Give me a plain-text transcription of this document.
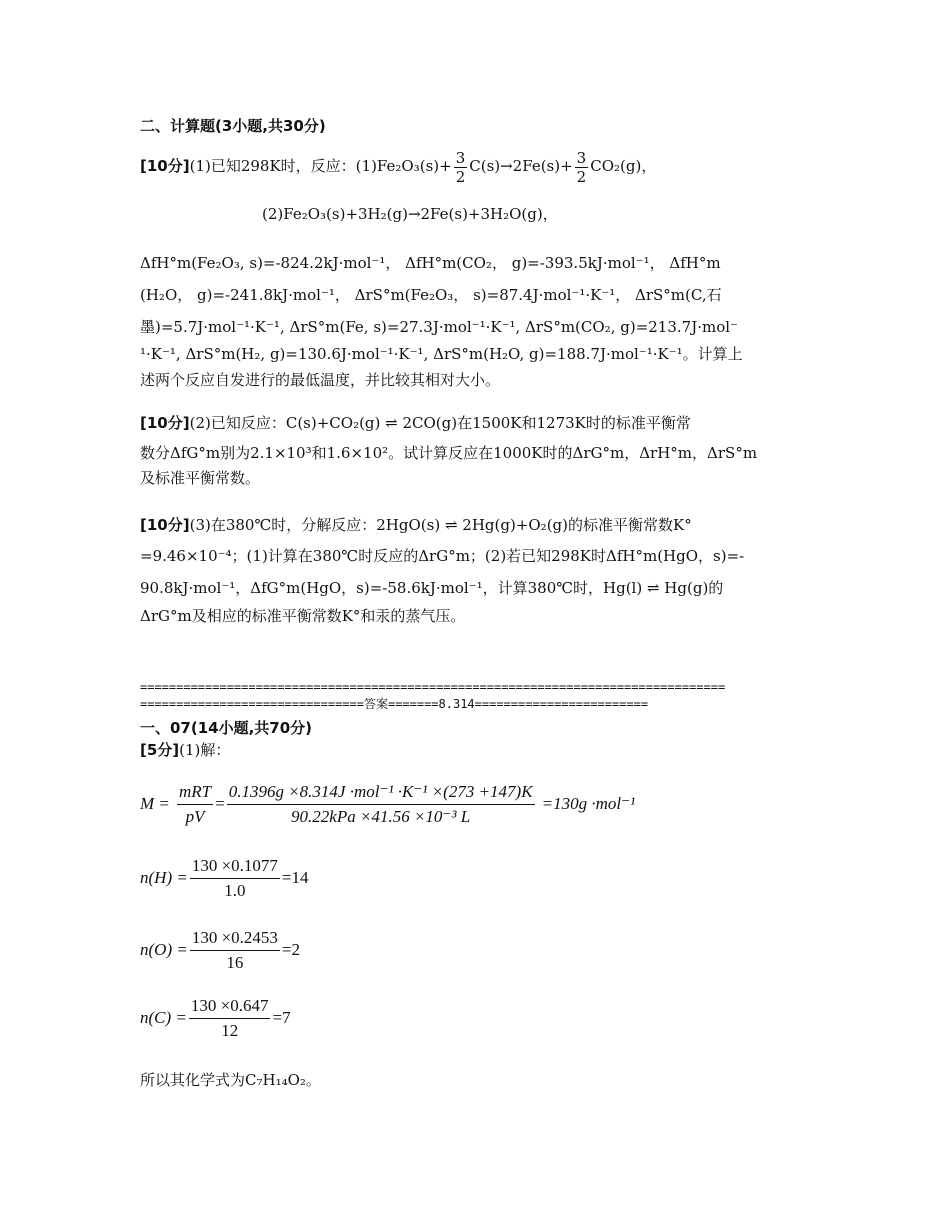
二、计算题(3小题,共30分)
[10分](1)已知298K时，反应：$(1)Fe_2O_3(s)+ \frac{3}{2} C(s)\to 2Fe(s)+ \frac{3}{2} CO_2(g)$，
(2)Fe₂O₃(s)+3H₂(g)→2Fe(s)+3H₂O(g)，
ΔfH°m(Fe₂O₃, s)=-824.2kJ·mol⁻¹， ΔfH°m(CO₂， g)=-393.5kJ·mol⁻¹， ΔfH°m
(H₂O， g)=-241.8kJ·mol⁻¹， ΔrS°m(Fe₂O₃， s)=87.4J·mol⁻¹·K⁻¹， ΔrS°m(C,石
墨)=5.7J·mol⁻¹·K⁻¹, ΔrS°m(Fe, s)=27.3J·mol⁻¹·K⁻¹, ΔrS°m(CO₂, g)=213.7J·mol⁻
¹·K⁻¹, ΔrS°m(H₂, g)=130.6J·mol⁻¹·K⁻¹, ΔrS°m(H₂O, g)=188.7J·mol⁻¹·K⁻¹。计算上
述两个反应自发进行的最低温度，并比较其相对大小。
[10分](2)已知反应：C(s)+CO₂(g) ⇌ 2CO(g)在1500K和1273K时的标准平衡常
数分ΔfG°m别为2.1×10³和1.6×10²。试计算反应在1000K时的ΔrG°m，ΔrH°m，ΔrS°m
及标准平衡常数。
[10分](3)在380℃时，分解反应：2HgO(s) ⇌ 2Hg(g)+O₂(g)的标准平衡常数K°
=9.46×10⁻⁴；(1)计算在380℃时反应的ΔrG°m；(2)若已知298K时ΔfH°m(HgO，s)=-
90.8kJ·mol⁻¹，ΔfG°m(HgO，s)=-58.6kJ·mol⁻¹，计算380℃时，Hg(l) ⇌ Hg(g)的
ΔrG°m及相应的标准平衡常数K°和汞的蒸气压。
=================================================================================
===============================答案=======8.314========================
一、07(14小题,共70分)
[5分](1)解：
$M = \frac{\text{mRT}}{pV} = \frac{\text{0.1396g ×8.314J ·mol⁻¹ ·K⁻¹ ×(273 +147)K}}{\text{90.22kPa ×41.56 ×10⁻³ L}} =130g \cdot mol^{-1}$
$n(H) = \frac{130 \times 0.1077}{1.0} =14$
$n(O) = \frac{130 \times 0.2453}{16} =2$
$n(C) = \frac{130 \times 0.647}{12} =7$
所以其化学式为C₇H₁₄O₂。
